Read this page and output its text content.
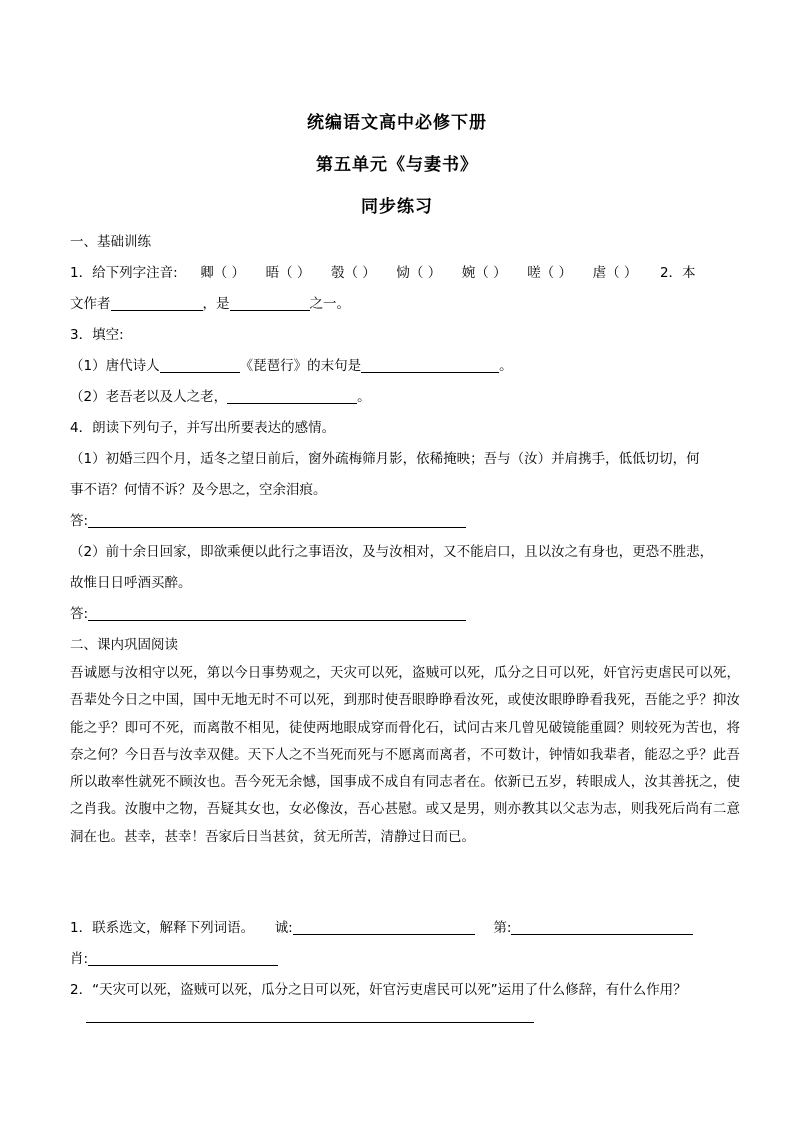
统编语文高中必修下册
第五单元《与妻书》
同步练习
一、基础训练
1．给下列字注音: 卿（ ） 晤（ ） 彀（ ） 恸（ ） 婉（ ） 嗟（ ） 虐（ ） 2．本
文作者	，是	之一。
3．填空:
（1）唐代诗人	《琵琶行》的末句是	。
（2）老吾老以及人之老，	。
4．朗读下列句子，并写出所要表达的感情。
（1）初婚三四个月，适冬之望日前后，窗外疏梅筛月影，依稀掩映；吾与（汝）并肩携手，低低切切，何
事不语？何情不诉？及今思之，空余泪痕。
答:
（2）前十余日回家，即欲乘便以此行之事语汝，及与汝相对，又不能启口，且以汝之有身也，更恐不胜悲，
故惟日日呼酒买醉。
答:
二、课内巩固阅读
吾诚愿与汝相守以死，第以今日事势观之，天灾可以死，盗贼可以死，瓜分之日可以死，奸官污吏虐民可以死，吾辈处今日之中国，国中无地无时不可以死，到那时使吾眼睁睁看汝死，或使汝眼睁睁看我死，吾能之乎？抑汝能之乎？即可不死，而离散不相见，徒使两地眼成穿而骨化石，试问古来几曾见破镜能重圆？则较死为苦也，将奈之何？今日吾与汝幸双健。天下人之不当死而死与不愿离而离者，不可数计，钟情如我辈者，能忍之乎？此吾所以敢率性就死不顾汝也。吾今死无余憾，国事成不成自有同志者在。依新已五岁，转眼成人，汝其善抚之，使之肖我。汝腹中之物，吾疑其女也，女必像汝，吾心甚慰。或又是男，则亦教其以父志为志，则我死后尚有二意洞在也。甚幸，甚幸！吾家后日当甚贫，贫无所苦，清静过日而已。
1．联系选文，解释下列词语。 诚:	第:
肖:
2．“天灾可以死，盗贼可以死，瓜分之日可以死，奸官污吏虐民可以死”运用了什么修辞，有什么作用？
